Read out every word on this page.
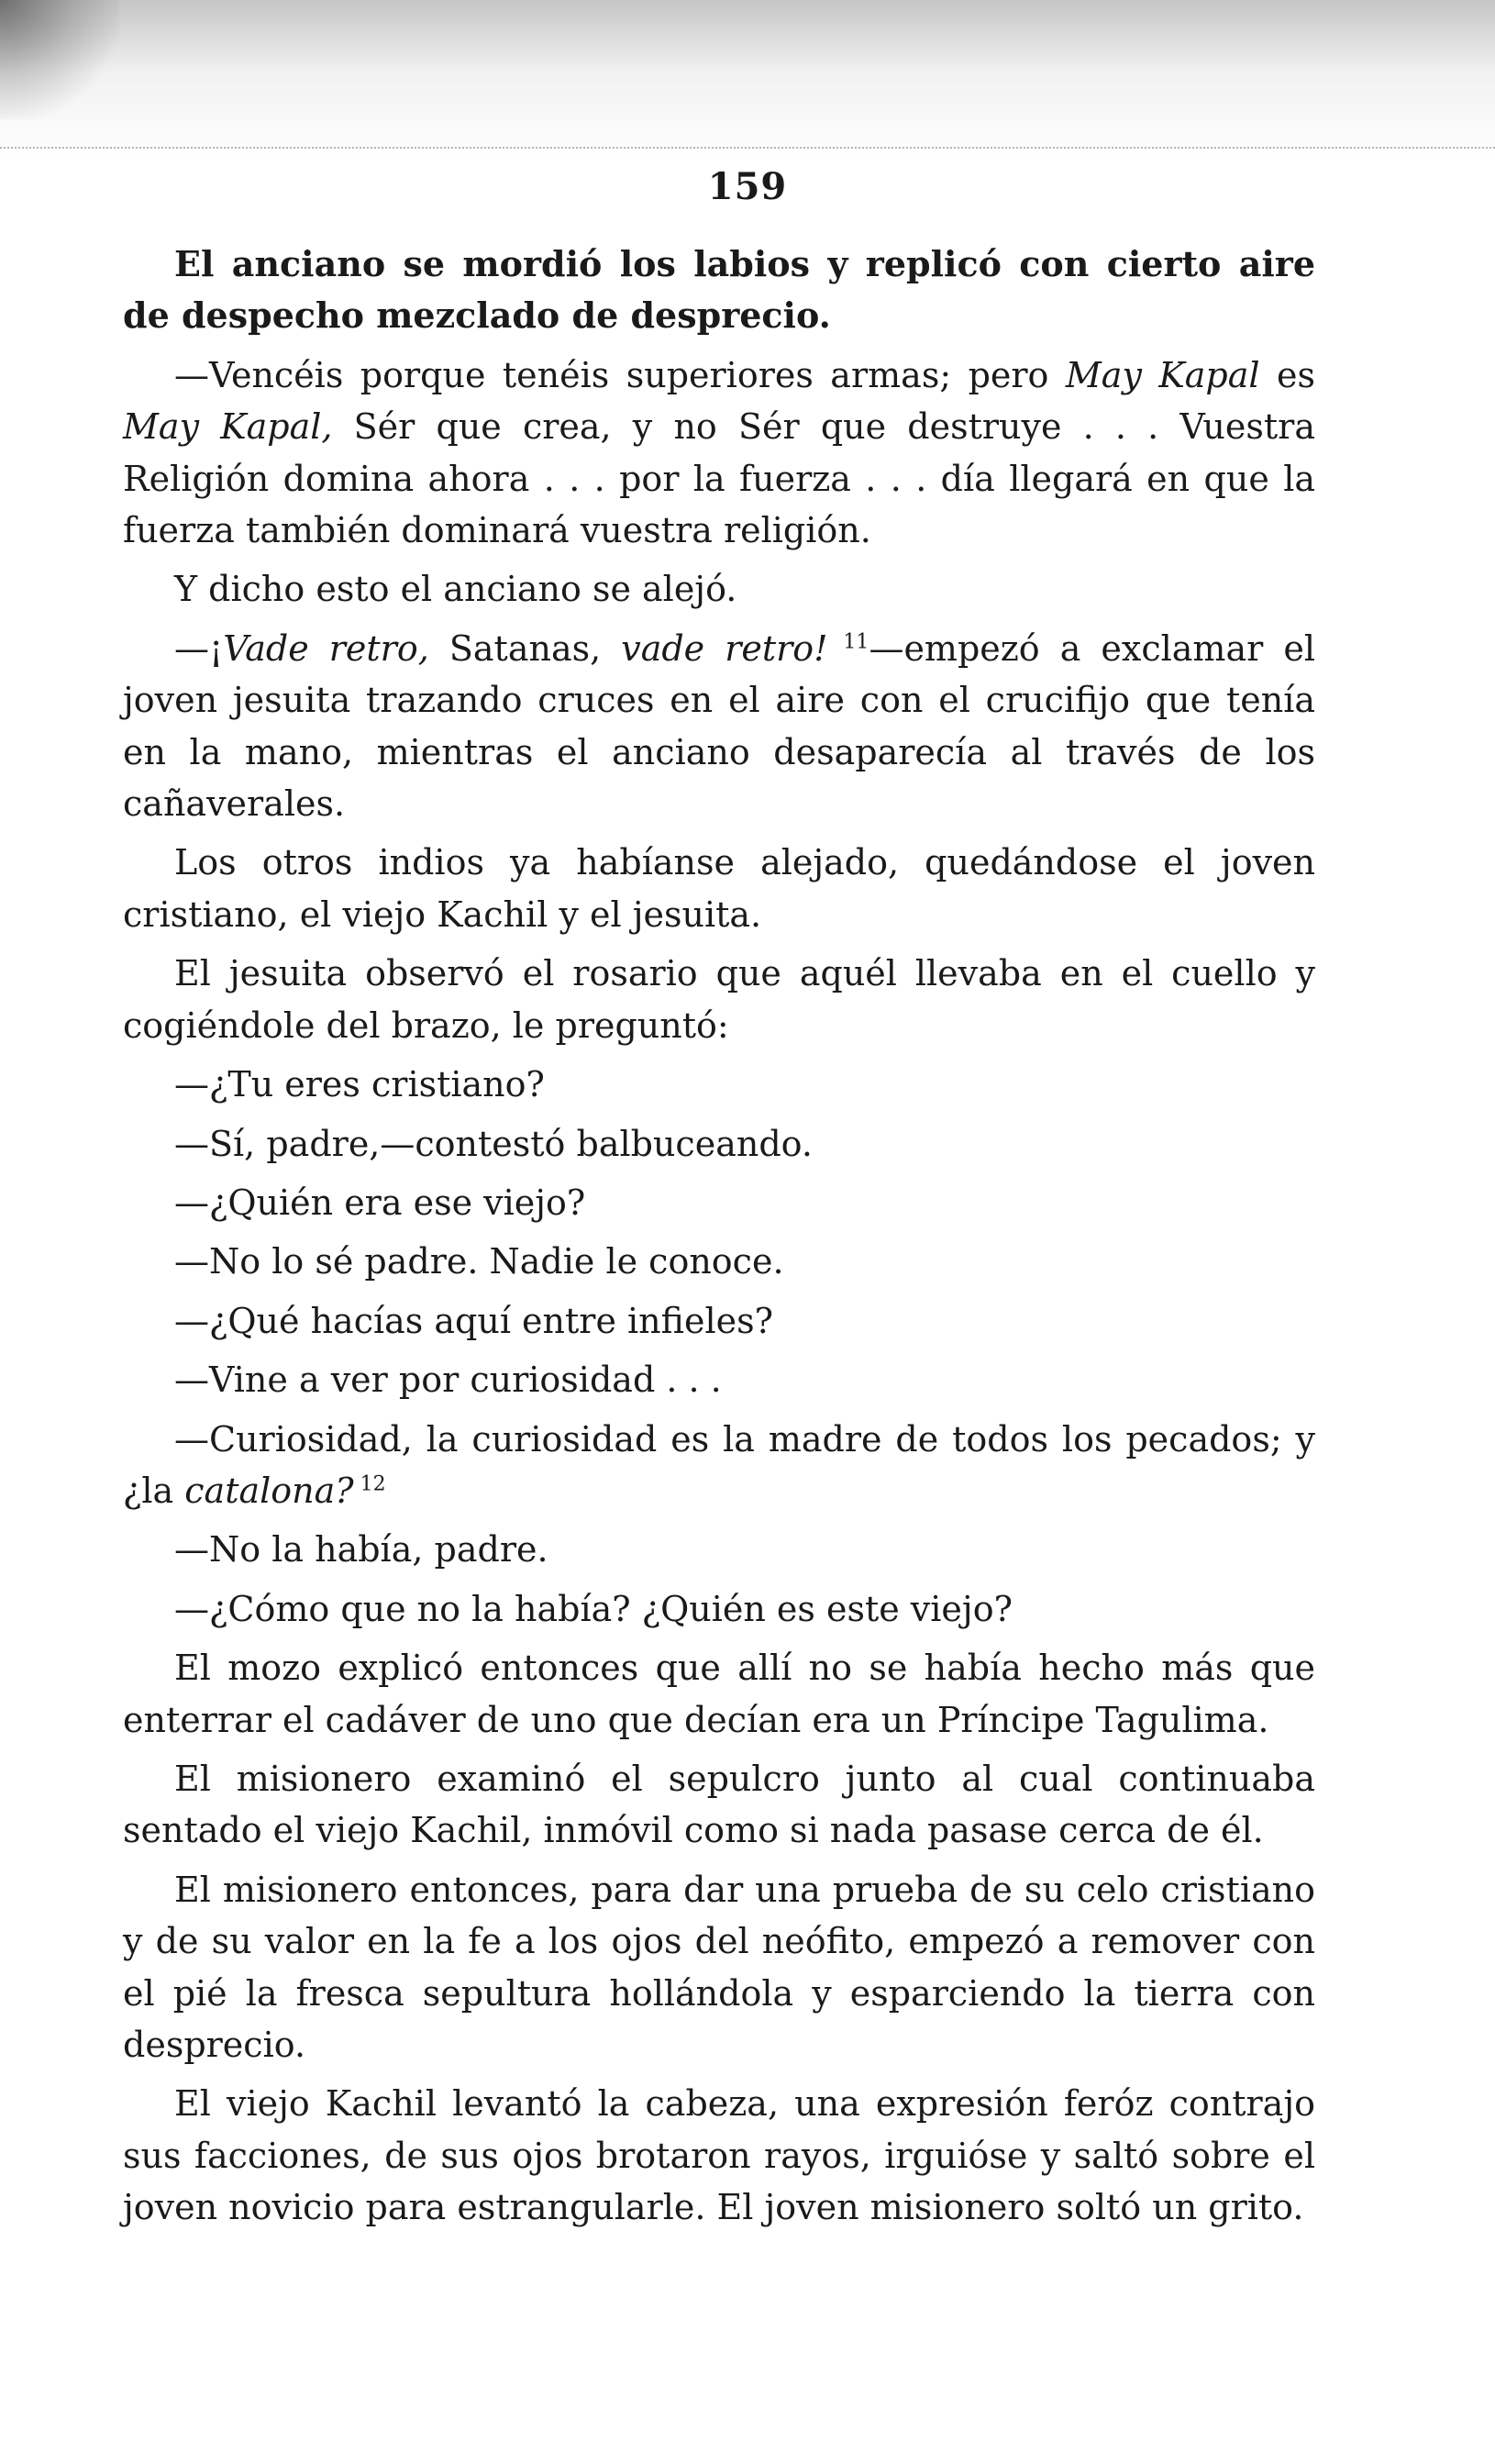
159

El anciano se mordió los labios y replicó con cierto aire de despecho mezclado de desprecio.

—Vencéis porque tenéis superiores armas; pero May Kapal es May Kapal, Sér que crea, y no Sér que destruye . . . Vuestra Religión domina ahora . . . por la fuerza . . . día llegará en que la fuerza también dominará vuestra religión.

Y dicho esto el anciano se alejó.

—¡Vade retro, Satanas, vade retro! $^{11}$—empezó a exclamar el joven jesuita trazando cruces en el aire con el crucifijo que tenía en la mano, mientras el anciano desaparecía al través de los cañaverales.

Los otros indios ya habíanse alejado, quedándose el joven cristiano, el viejo Kachil y el jesuita.

El jesuita observó el rosario que aquél llevaba en el cuello y cogiéndole del brazo, le preguntó:

—¿Tu eres cristiano?

—Sí, padre,—contestó balbuceando.

—¿Quién era ese viejo?

—No lo sé padre. Nadie le conoce.

—¿Qué hacías aquí entre infieles?

—Vine a ver por curiosidad . . .

—Curiosidad, la curiosidad es la madre de todos los pecados; y ¿la catalona? $^{12}$

—No la había, padre.

—¿Cómo que no la había? ¿Quién es este viejo?

El mozo explicó entonces que allí no se había hecho más que enterrar el cadáver de uno que decían era un Príncipe Tagulima.

El misionero examinó el sepulcro junto al cual continuaba sentado el viejo Kachil, inmóvil como si nada pasase cerca de él.

El misionero entonces, para dar una prueba de su celo cristiano y de su valor en la fe a los ojos del neófito, empezó a remover con el pié la fresca sepultura hollándola y esparciendo la tierra con desprecio.

El viejo Kachil levantó la cabeza, una expresión feróz contrajo sus facciones, de sus ojos brotaron rayos, irguióse y saltó sobre el joven novicio para estrangularle. El joven misionero soltó un grito.
